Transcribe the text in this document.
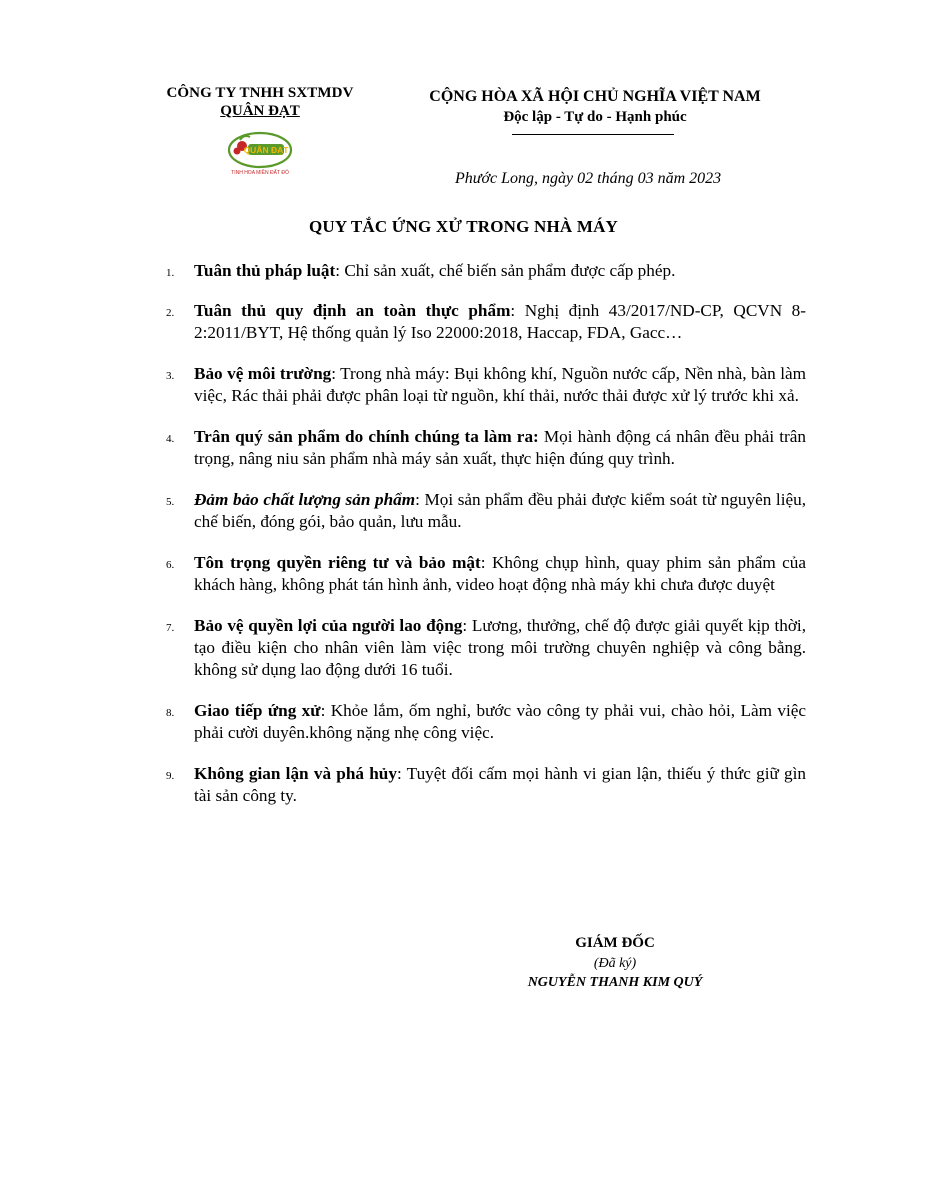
CÔNG TY TNHH SXTMDV
QUÂN ĐẠT
QUÂN ĐẠT
TINH HOA MIỀN ĐẤT ĐỎ
CỘNG HÒA XÃ HỘI CHỦ NGHĨA VIỆT NAM
Độc lập - Tự do - Hạnh phúc
Phước Long, ngày 02 tháng 03 năm 2023
QUY TẮC ỨNG XỬ TRONG NHÀ MÁY
1. Tuân thủ pháp luật: Chỉ sản xuất, chế biến sản phẩm được cấp phép.
2. Tuân thủ quy định an toàn thực phẩm: Nghị định 43/2017/ND-CP, QCVN 8-2:2011/BYT, Hệ thống quản lý Iso 22000:2018, Haccap, FDA, Gacc…
3. Bảo vệ môi trường: Trong nhà máy: Bụi không khí, Nguồn nước cấp, Nền nhà, bàn làm việc, Rác thải phải được phân loại từ nguồn, khí thải, nước thải được xử lý trước khi xả.
4. Trân quý sản phẩm do chính chúng ta làm ra: Mọi hành động cá nhân đều phải trân trọng, nâng niu sản phẩm nhà máy sản xuất, thực hiện đúng quy trình.
5. Đảm bảo chất lượng sản phẩm: Mọi sản phẩm đều phải được kiểm soát từ nguyên liệu, chế biến, đóng gói, bảo quản, lưu mẫu.
6. Tôn trọng quyền riêng tư và bảo mật: Không chụp hình, quay phim sản phẩm của khách hàng, không phát tán hình ảnh, video hoạt động nhà máy khi chưa được duyệt
7. Bảo vệ quyền lợi của người lao động: Lương, thưởng, chế độ được giải quyết kịp thời, tạo điều kiện cho nhân viên làm việc trong môi trường chuyên nghiệp và công bằng. không sử dụng lao động dưới 16 tuổi.
8. Giao tiếp ứng xử: Khỏe lắm, ốm nghỉ, bước vào công ty phải vui, chào hỏi, Làm việc phải cười duyên.không nặng nhẹ công việc.
9. Không gian lận và phá hủy: Tuyệt đối cấm mọi hành vi gian lận, thiếu ý thức giữ gìn tài sản công ty.
GIÁM ĐỐC
(Đã ký)
NGUYỄN THANH KIM QUÝ
